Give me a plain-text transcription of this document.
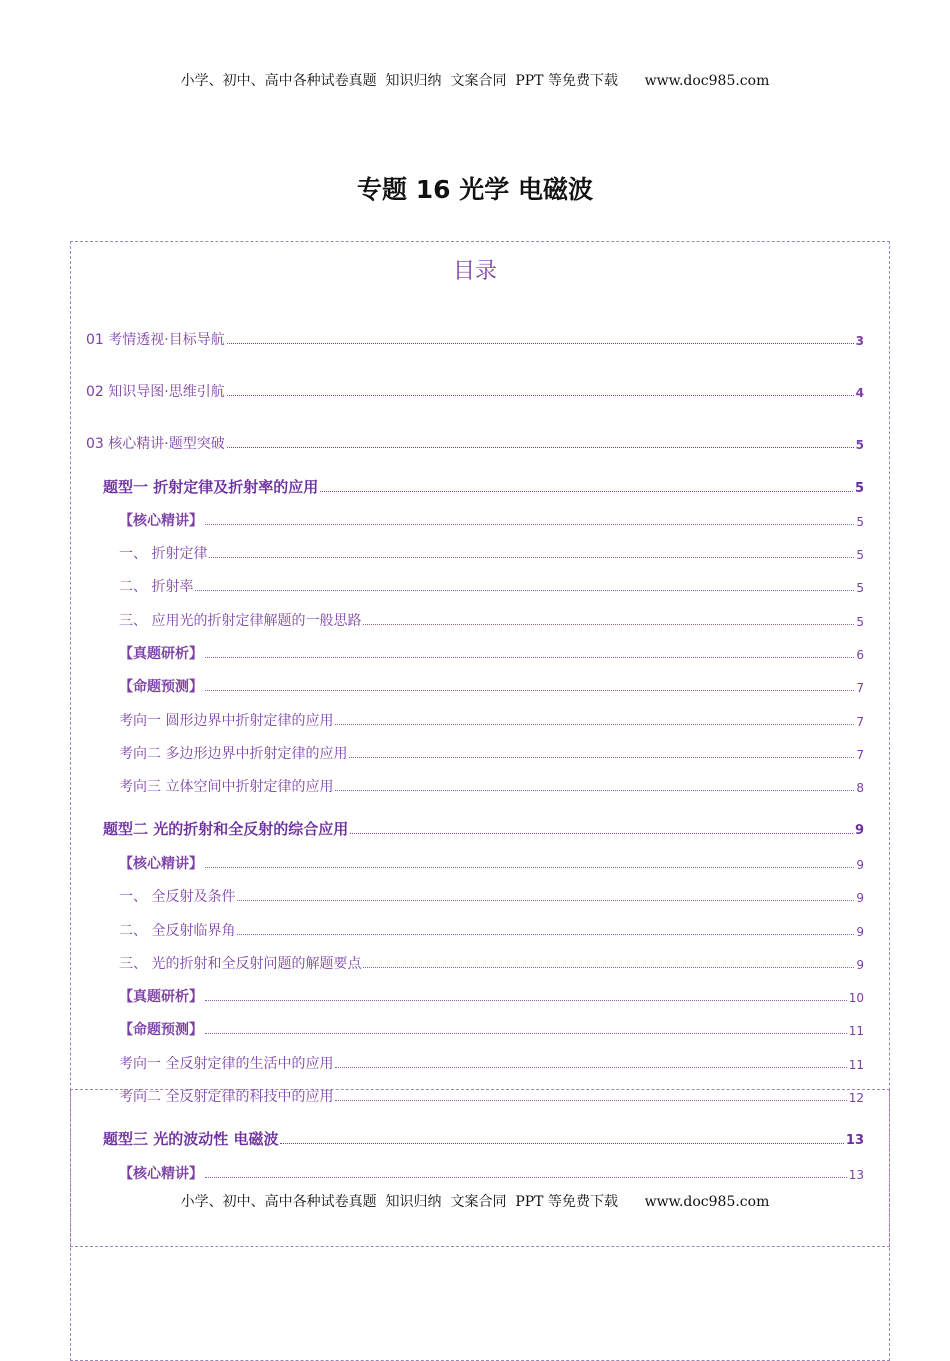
小学、初中、高中各种试卷真题  知识归纳  文案合同  PPT 等免费下载      www.doc985.com
专题 16 光学 电磁波
目录
01 考情透视·目标导航	3
02 知识导图·思维引航	4
03 核心精讲·题型突破	5
题型一 折射定律及折射率的应用	5
【核心精讲】	5
一、 折射定律	5
二、 折射率	5
三、 应用光的折射定律解题的一般思路	5
【真题研析】	6
【命题预测】	7
考向一 圆形边界中折射定律的应用	7
考向二 多边形边界中折射定律的应用	7
考向三 立体空间中折射定律的应用	8
题型二 光的折射和全反射的综合应用	9
【核心精讲】	9
一、 全反射及条件	9
二、 全反射临界角	9
三、 光的折射和全反射问题的解题要点	9
【真题研析】	10
【命题预测】	11
考向一 全反射定律的生活中的应用	11
考向二 全反射定律的科技中的应用	12
题型三 光的波动性 电磁波	13
【核心精讲】	13
小学、初中、高中各种试卷真题  知识归纳  文案合同  PPT 等免费下载      www.doc985.com
